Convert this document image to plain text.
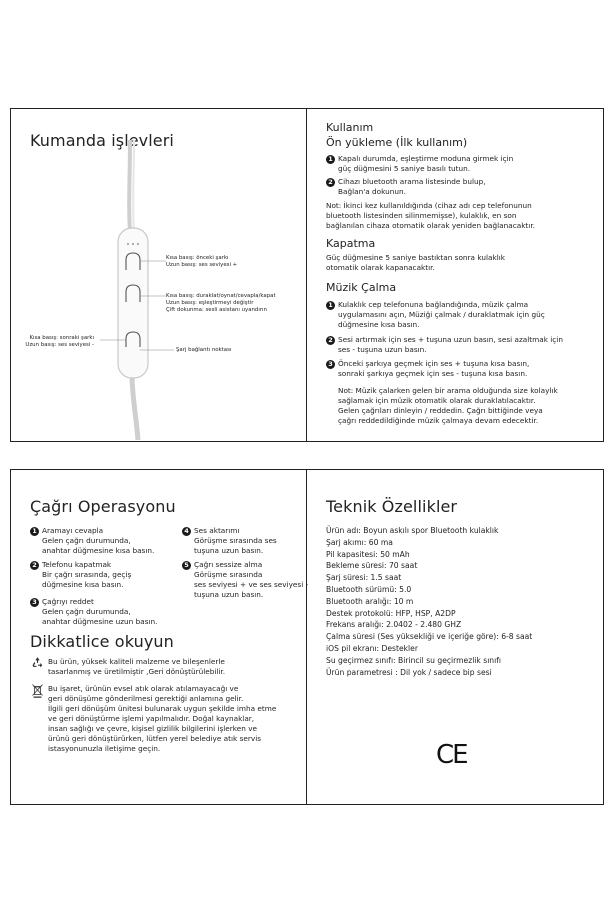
Kumanda işlevleri
Kısa basış: önceki şarkı
Uzun basış: ses seviyesi +
Kısa basış: duraklat/oynat/cevapla/kapat
Uzun basış: eşleştirmeyi değiştir
Çift dokunma: sesli asistanı uyandırın
Kısa basış: sonraki şarkı
Uzun basış: ses seviyesi -
Şarj bağlantı noktası
Kullanım
Ön yükleme (İlk kullanım)
1 Kapalı durumda, eşleştirme moduna girmek için
güç düğmesini 5 saniye basılı tutun.
2 Cihazı bluetooth arama listesinde bulup,
Bağlan'a dokunun.
Not: İkinci kez kullanıldığında (cihaz adı cep telefonunun
bluetooth listesinden silinmemişse), kulaklık, en son
bağlanılan cihaza otomatik olarak yeniden bağlanacaktır.
Kapatma
Güç düğmesine 5 saniye bastıktan sonra kulaklık
otomatik olarak kapanacaktır.
Müzik Çalma
1 Kulaklık cep telefonuna bağlandığında, müzik çalma
uygulamasını açın, Müziği çalmak / duraklatmak için güç
düğmesine kısa basın.
2 Sesi artırmak için ses + tuşuna uzun basın, sesi azaltmak için
ses - tuşuna uzun basın.
3 Önceki şarkıya geçmek için ses + tuşuna kısa basın,
sonraki şarkıya geçmek için ses - tuşuna kısa basın.
Not: Müzik çalarken gelen bir arama olduğunda size kolaylık
sağlamak için müzik otomatik olarak duraklatılacaktır.
Gelen çağrıları dinleyin / reddedin. Çağrı bittiğinde veya
çağrı reddedildiğinde müzik çalmaya devam edecektir.
Çağrı Operasyonu
1 Aramayı cevapla
Gelen çağrı durumunda,
anahtar düğmesine kısa basın.
2 Telefonu kapatmak
Bir çağrı sırasında, geçiş
düğmesine kısa basın.
3 Çağrıyı reddet
Gelen çağrı durumunda,
anahtar düğmesine uzun basın.
4 Ses aktarımı
Görüşme sırasında ses
tuşuna uzun basın.
5 Çağrı sessize alma
Görüşme sırasında
ses seviyesi + ve ses seviyesi -
tuşuna uzun basın.
Dikkatlice okuyun
Bu ürün, yüksek kaliteli malzeme ve bileşenlerle
tasarlanmış ve üretilmiştir ,Geri dönüştürülebilir.
Bu işaret, ürünün evsel atık olarak atılamayacağı ve
geri dönüşüme gönderilmesi gerektiği anlamına gelir.
İlgili geri dönüşüm ünitesi bulunarak uygun şekilde imha etme
ve geri dönüştürme işlemi yapılmalıdır. Doğal kaynaklar,
insan sağlığı ve çevre, kişisel gizlilik bilgilerini işlerken ve
ürünü geri dönüştürürken, lütfen yerel belediye atık servis
istasyonunuzla iletişime geçin.
Teknik Özellikler
Ürün adı: Boyun askılı spor Bluetooth kulaklık
Şarj akımı: 60 ma
Pil kapasitesi: 50 mAh
Bekleme süresi: 70 saat
Şarj süresi: 1.5 saat
Bluetooth sürümü: 5.0
Bluetooth aralığı: 10 m
Destek protokolü: HFP, HSP, A2DP
Frekans aralığı: 2.0402 - 2.480 GHZ
Çalma süresi (Ses yüksekliği ve içeriğe göre): 6-8 saat
iOS pil ekranı: Destekler
Su geçirmez sınıfı: Birincil su geçirmezlik sınıfı
Ürün parametresi : Dil yok / sadece bip sesi
CE
